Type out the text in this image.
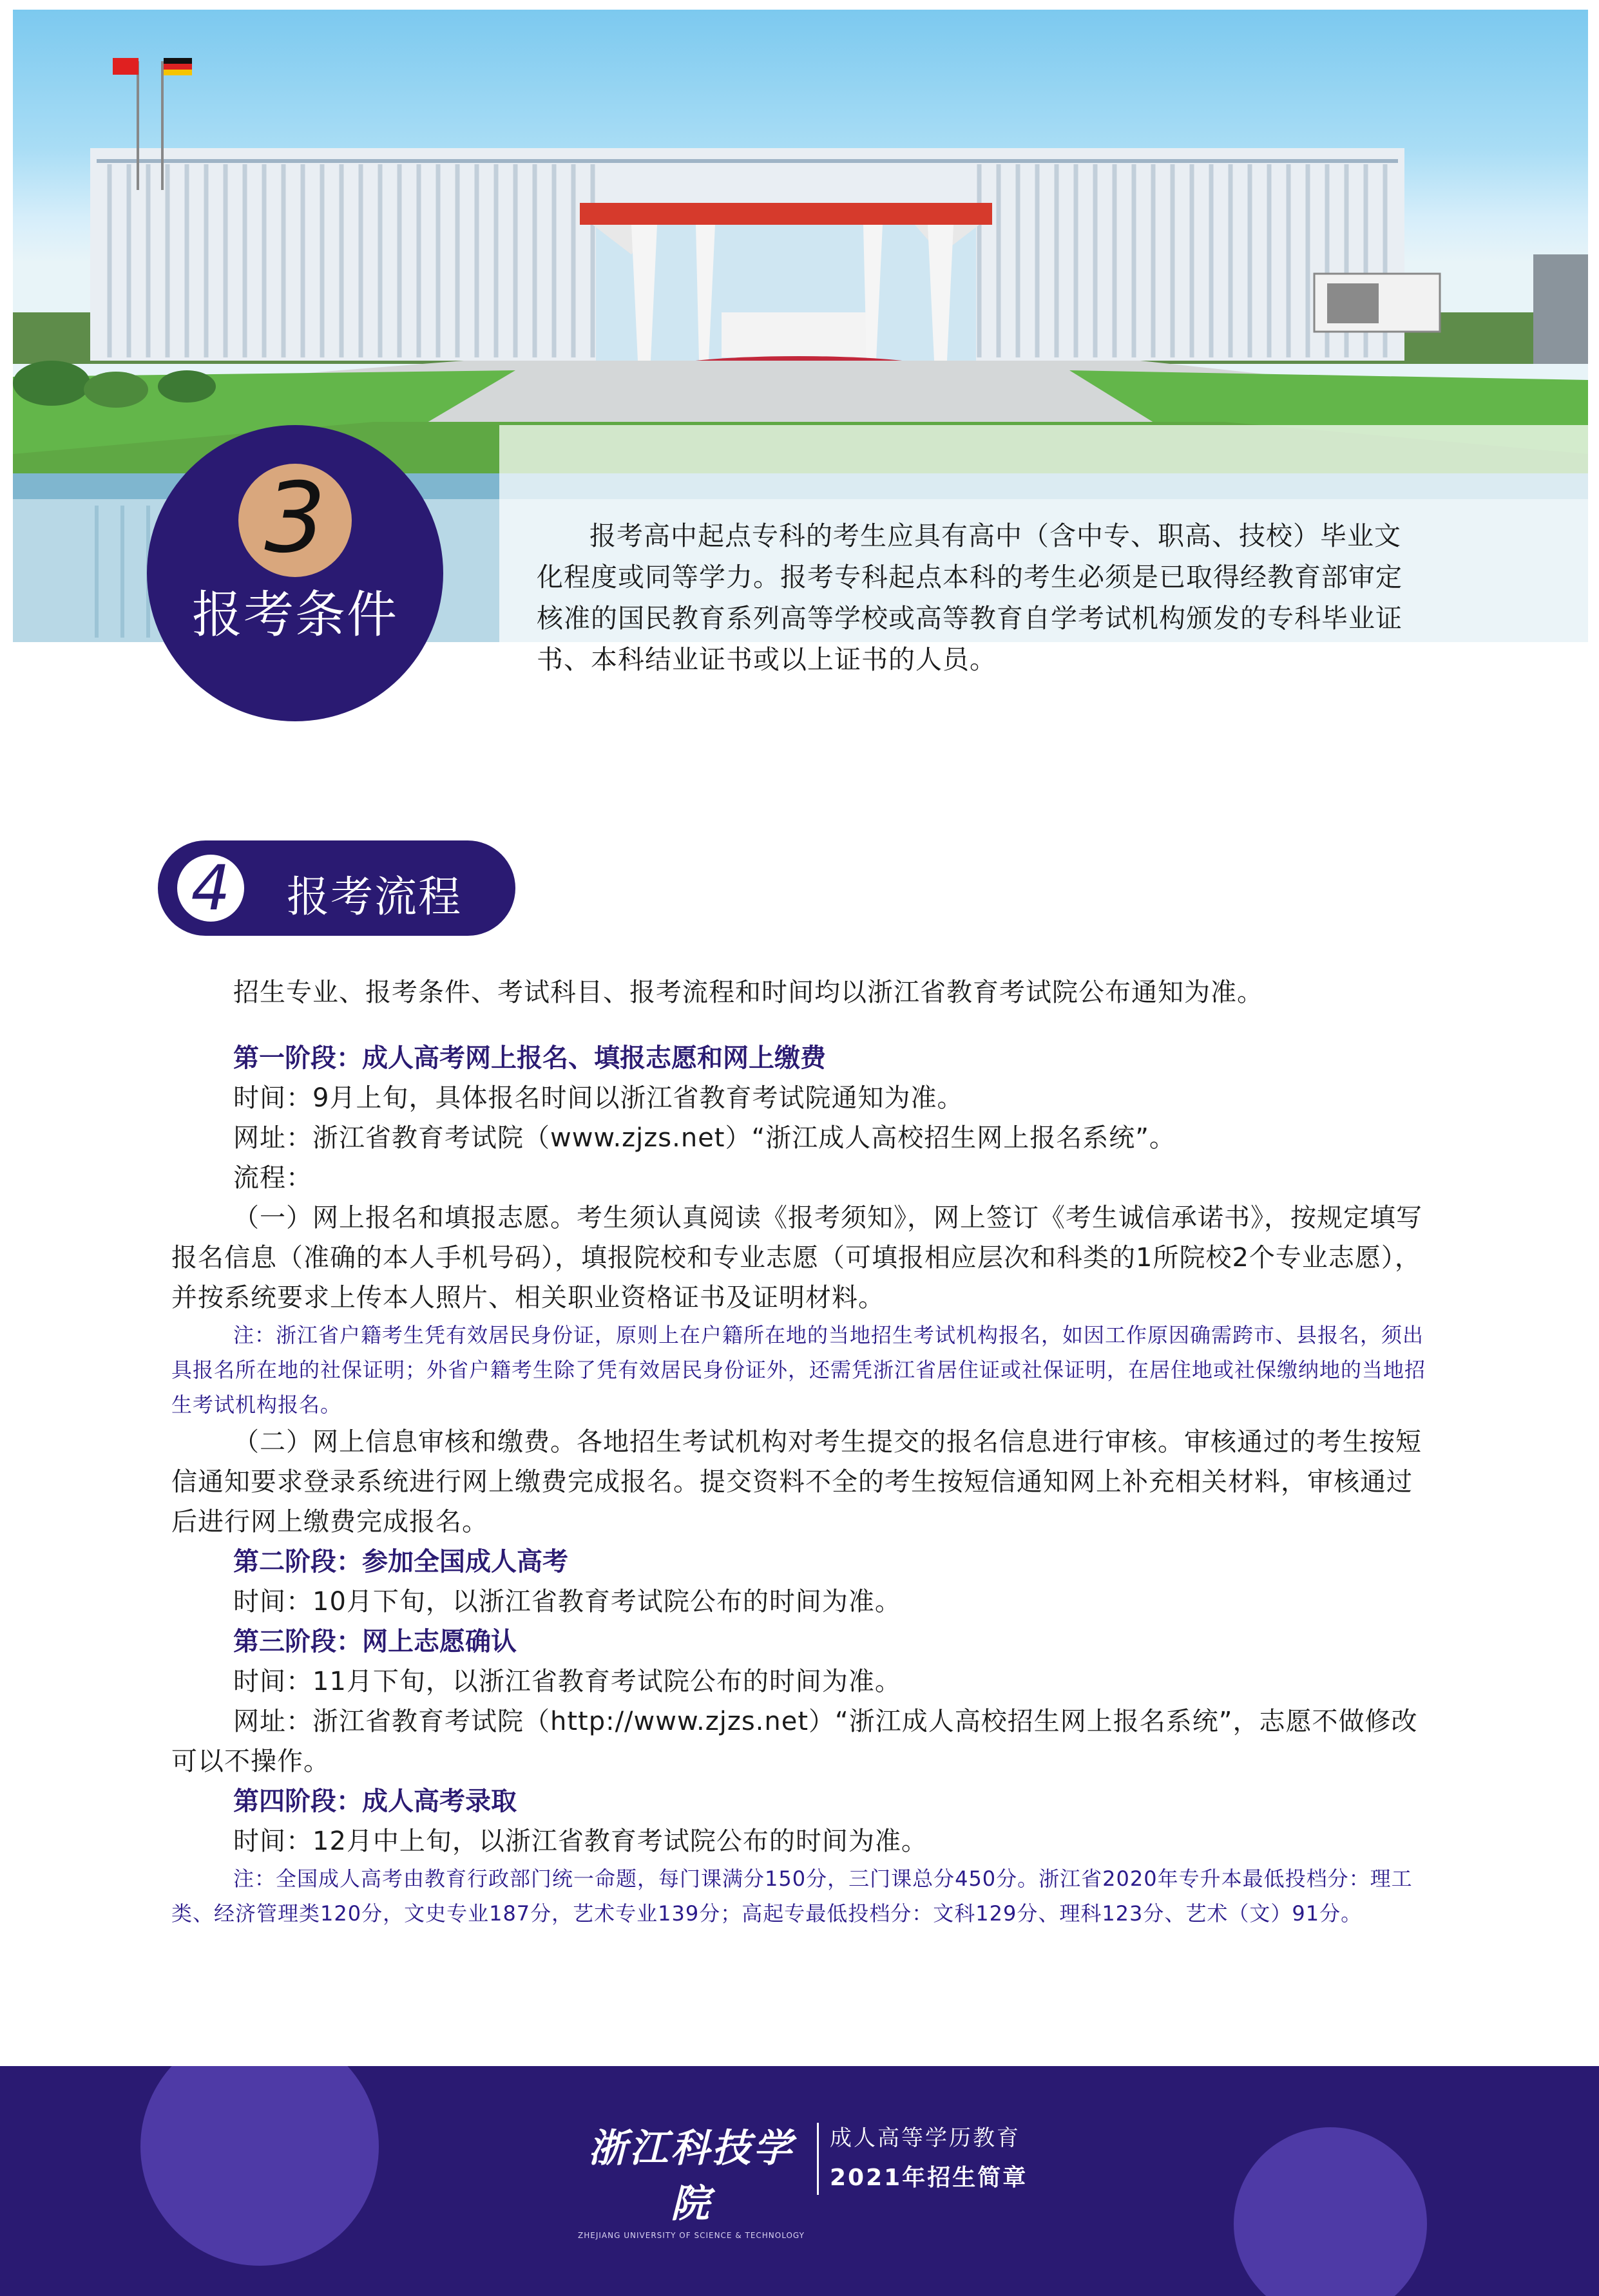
3
报考条件

报考高中起点专科的考生应具有高中（含中专、职高、技校）毕业文化程度或同等学力。报考专科起点本科的考生必须是已取得经教育部审定核准的国民教育系列高等学校或高等教育自学考试机构颁发的专科毕业证书、本科结业证书或以上证书的人员。

4 报考流程

招生专业、报考条件、考试科目、报考流程和时间均以浙江省教育考试院公布通知为准。

第一阶段：成人高考网上报名、填报志愿和网上缴费

时间：9月上旬，具体报名时间以浙江省教育考试院通知为准。

网址：浙江省教育考试院（www.zjzs.net）“浙江成人高校招生网上报名系统”。

流程：

（一）网上报名和填报志愿。考生须认真阅读《报考须知》，网上签订《考生诚信承诺书》，按规定填写报名信息（准确的本人手机号码），填报院校和专业志愿（可填报相应层次和科类的1所院校2个专业志愿），并按系统要求上传本人照片、相关职业资格证书及证明材料。

注：浙江省户籍考生凭有效居民身份证，原则上在户籍所在地的当地招生考试机构报名，如因工作原因确需跨市、县报名，须出具报名所在地的社保证明；外省户籍考生除了凭有效居民身份证外，还需凭浙江省居住证或社保证明，在居住地或社保缴纳地的当地招生考试机构报名。

（二）网上信息审核和缴费。各地招生考试机构对考生提交的报名信息进行审核。审核通过的考生按短信通知要求登录系统进行网上缴费完成报名。提交资料不全的考生按短信通知网上补充相关材料，审核通过后进行网上缴费完成报名。

第二阶段：参加全国成人高考

时间：10月下旬，以浙江省教育考试院公布的时间为准。

第三阶段：网上志愿确认

时间：11月下旬，以浙江省教育考试院公布的时间为准。

网址：浙江省教育考试院（http://www.zjzs.net）“浙江成人高校招生网上报名系统”，志愿不做修改可以不操作。

第四阶段：成人高考录取

时间：12月中上旬，以浙江省教育考试院公布的时间为准。

注：全国成人高考由教育行政部门统一命题，每门课满分150分，三门课总分450分。浙江省2020年专升本最低投档分：理工类、经济管理类120分，文史专业187分，艺术专业139分；高起专最低投档分：文科129分、理科123分、艺术（文）91分。

浙江科技学院
ZHEJIANG UNIVERSITY OF SCIENCE & TECHNOLOGY
成人高等学历教育
2021年招生简章
